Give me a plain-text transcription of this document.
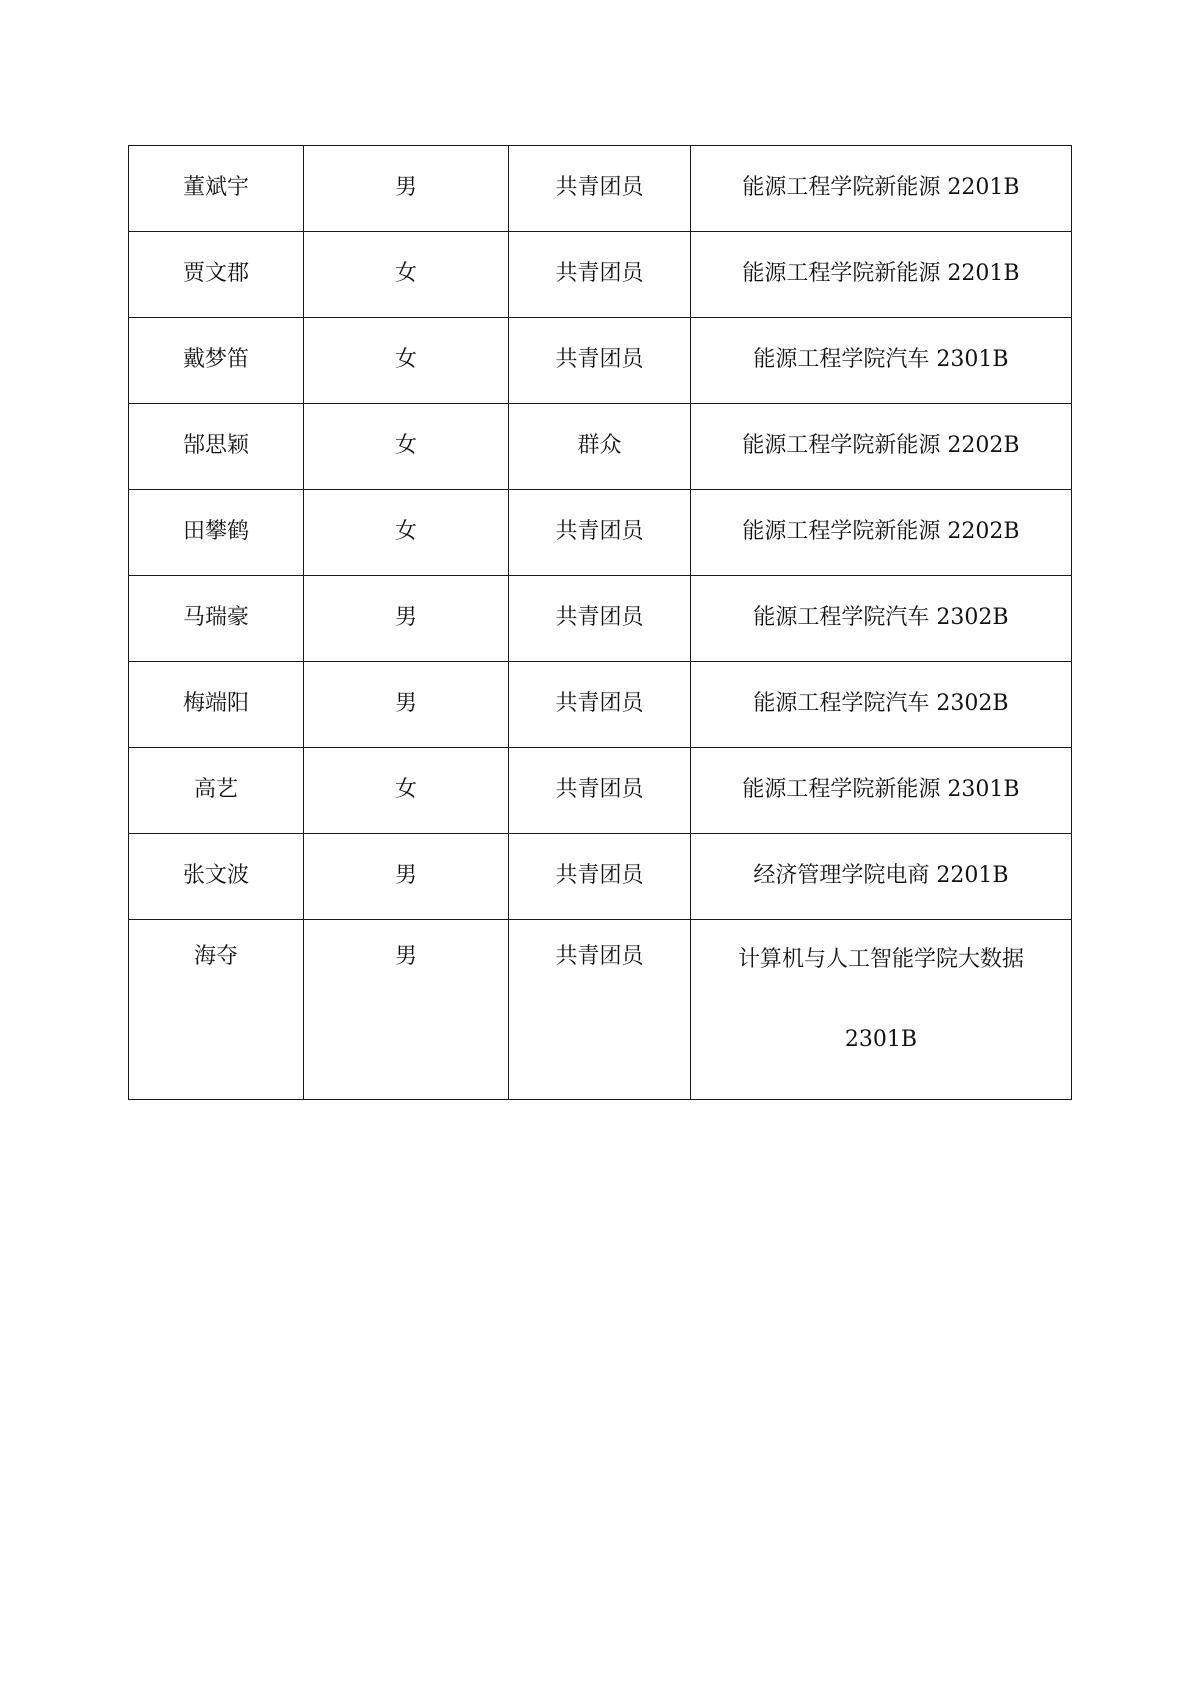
董斌宇	男	共青团员	能源工程学院新能源 2201B
贾文郡	女	共青团员	能源工程学院新能源 2201B
戴梦笛	女	共青团员	能源工程学院汽车 2301B
郜思颖	女	群众	能源工程学院新能源 2202B
田攀鹤	女	共青团员	能源工程学院新能源 2202B
马瑞豪	男	共青团员	能源工程学院汽车 2302B
梅端阳	男	共青团员	能源工程学院汽车 2302B
高艺	女	共青团员	能源工程学院新能源 2301B
张文波	男	共青团员	经济管理学院电商 2201B
海夺	男	共青团员	计算机与人工智能学院大数据 2301B
